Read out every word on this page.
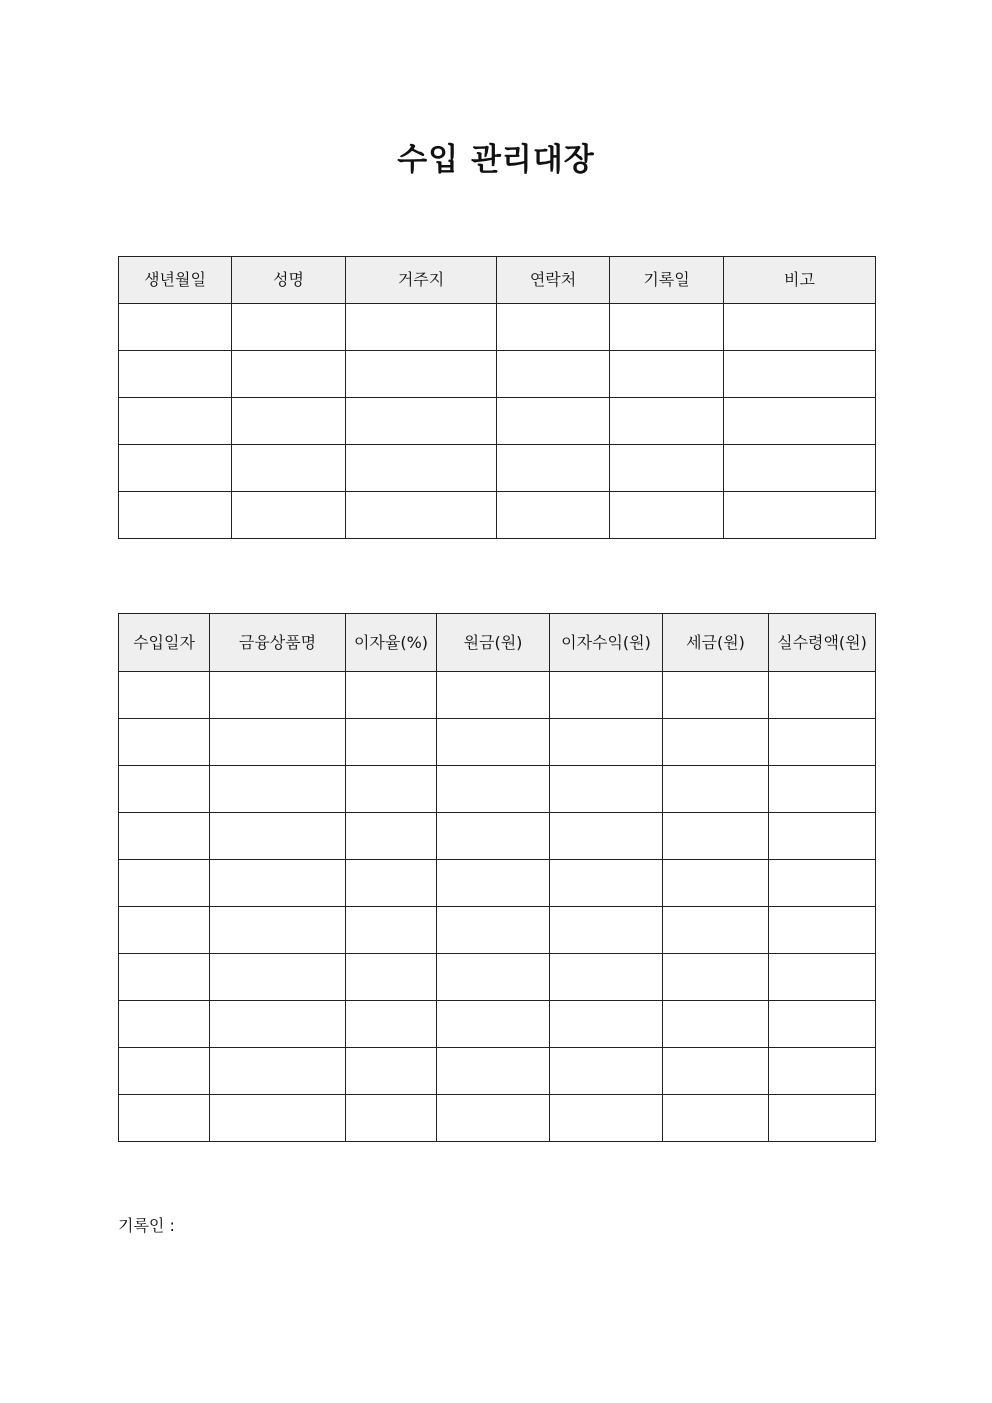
수입 관리대장
생년월일	성명	거주지	연락처	기록일	비고

수입일자	금융상품명	이자율(%)	원금(원)	이자수익(원)	세금(원)	실수령액(원)

기록인 :
